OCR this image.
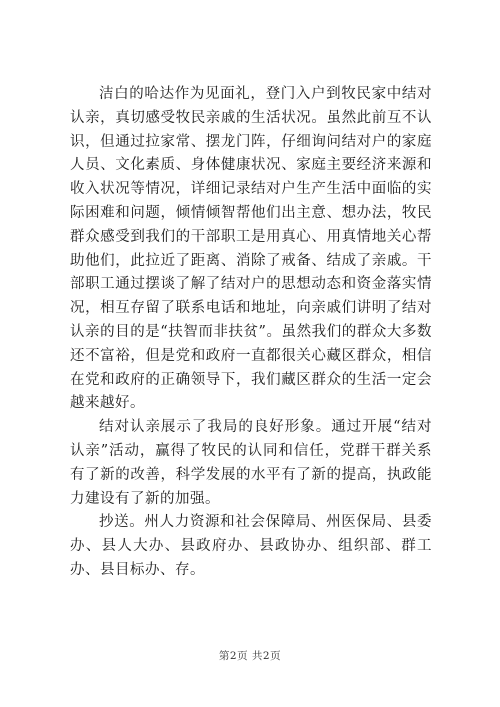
洁白的哈达作为见面礼，登门入户到牧民家中结对认亲，真切感受牧民亲戚的生活状况。虽然此前互不认识，但通过拉家常、摆龙门阵，仔细询问结对户的家庭人员、文化素质、身体健康状况、家庭主要经济来源和收入状况等情况，详细记录结对户生产生活中面临的实际困难和问题，倾情倾智帮他们出主意、想办法，牧民群众感受到我们的干部职工是用真心、用真情地关心帮助他们，此拉近了距离、消除了戒备、结成了亲戚。干部职工通过摆谈了解了结对户的思想动态和资金落实情况，相互存留了联系电话和地址，向亲戚们讲明了结对认亲的目的是“扶智而非扶贫”。虽然我们的群众大多数还不富裕，但是党和政府一直都很关心藏区群众，相信在党和政府的正确领导下，我们藏区群众的生活一定会越来越好。

结对认亲展示了我局的良好形象。通过开展“结对认亲”活动，赢得了牧民的认同和信任，党群干群关系有了新的改善，科学发展的水平有了新的提高，执政能力建设有了新的加强。

抄送。州人力资源和社会保障局、州医保局、县委办、县人大办、县政府办、县政协办、组织部、群工办、县目标办、存。

第2页 共2页
